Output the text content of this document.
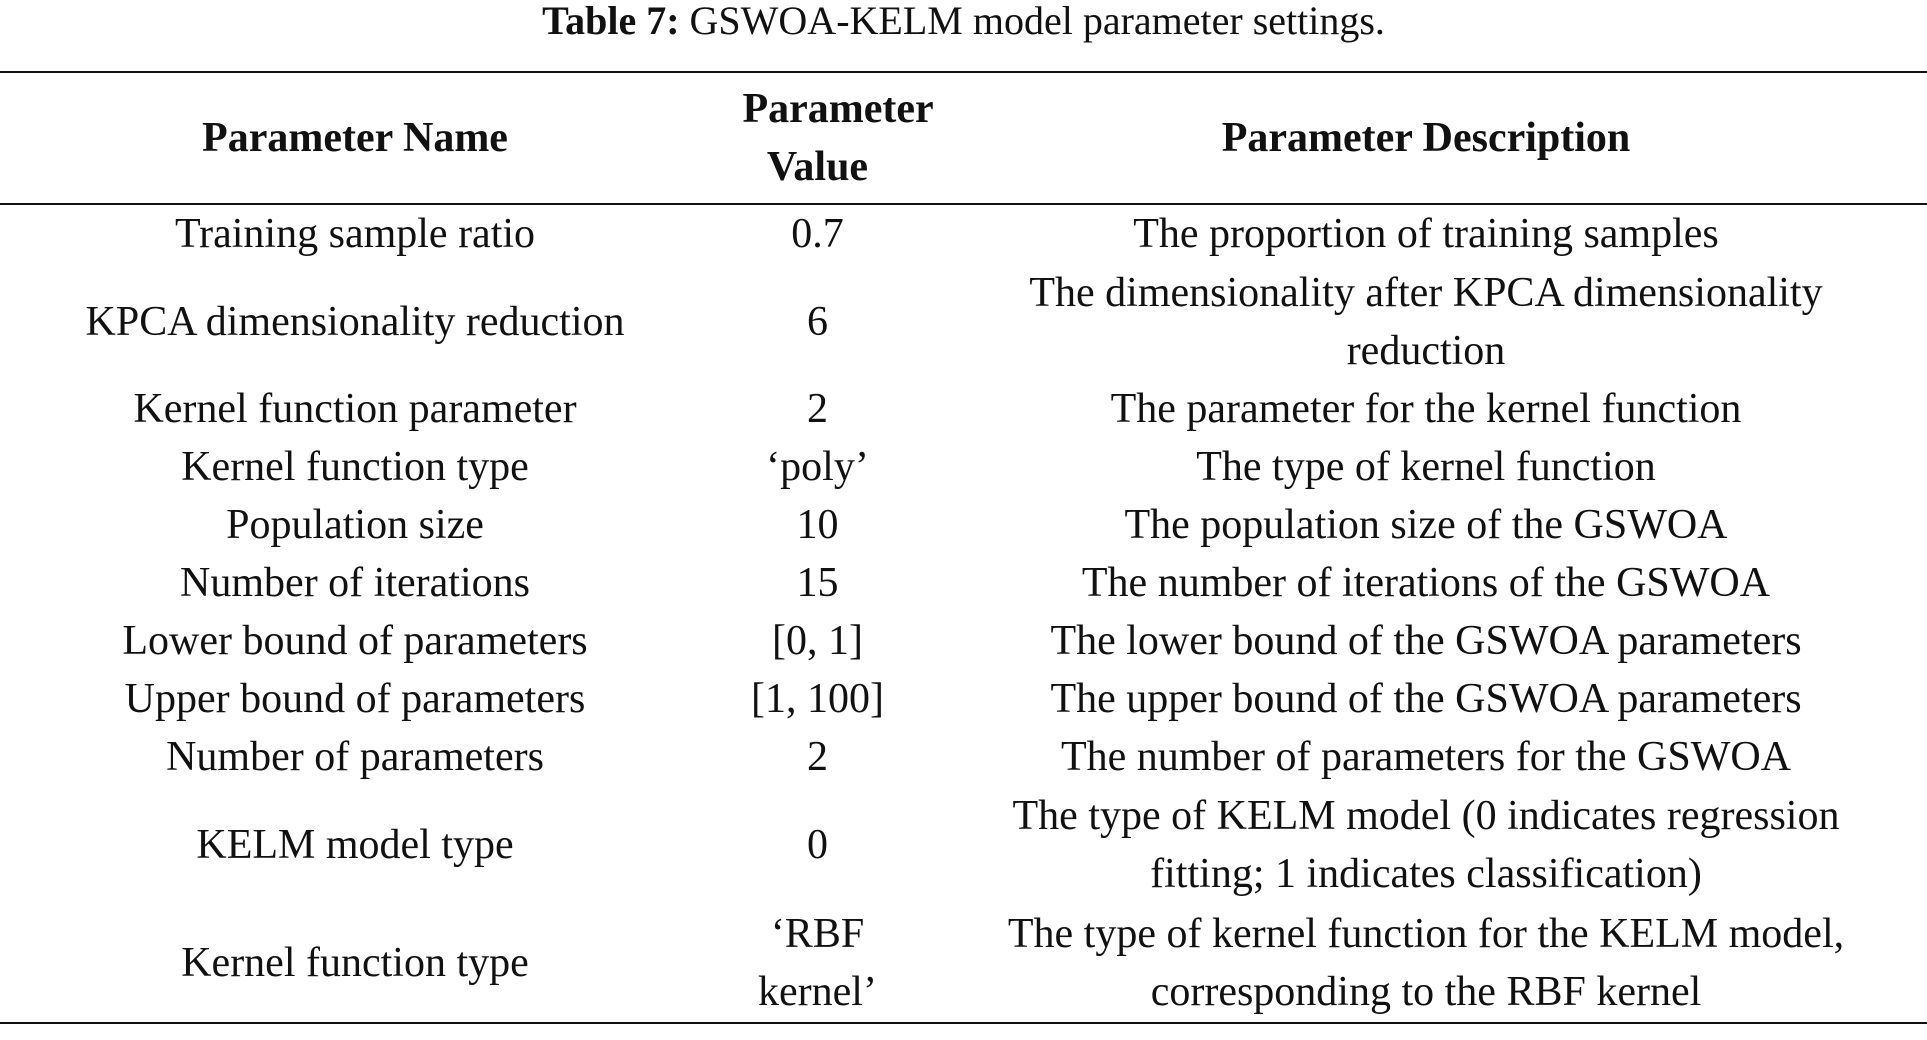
Table 7: GSWOA-KELM model parameter settings.
Parameter Name	Parameter Value	Parameter Description
Training sample ratio	0.7	The proportion of training samples

KPCA dimensionality reduction	6	The dimensionality after KPCA dimensionality reduction

Kernel function parameter	2	The parameter for the kernel function

Kernel function type	‘poly’	The type of kernel function

Population size	10	The population size of the GSWOA

Number of iterations	15	The number of iterations of the GSWOA

Lower bound of parameters	[0, 1]	The lower bound of the GSWOA parameters

Upper bound of parameters	[1, 100]	The upper bound of the GSWOA parameters

Number of parameters	2	The number of parameters for the GSWOA

KELM model type	0	The type of KELM model (0 indicates regression fitting; 1 indicates classification)

Kernel function type	‘RBF kernel’	The type of kernel function for the KELM model, corresponding to the RBF kernel
